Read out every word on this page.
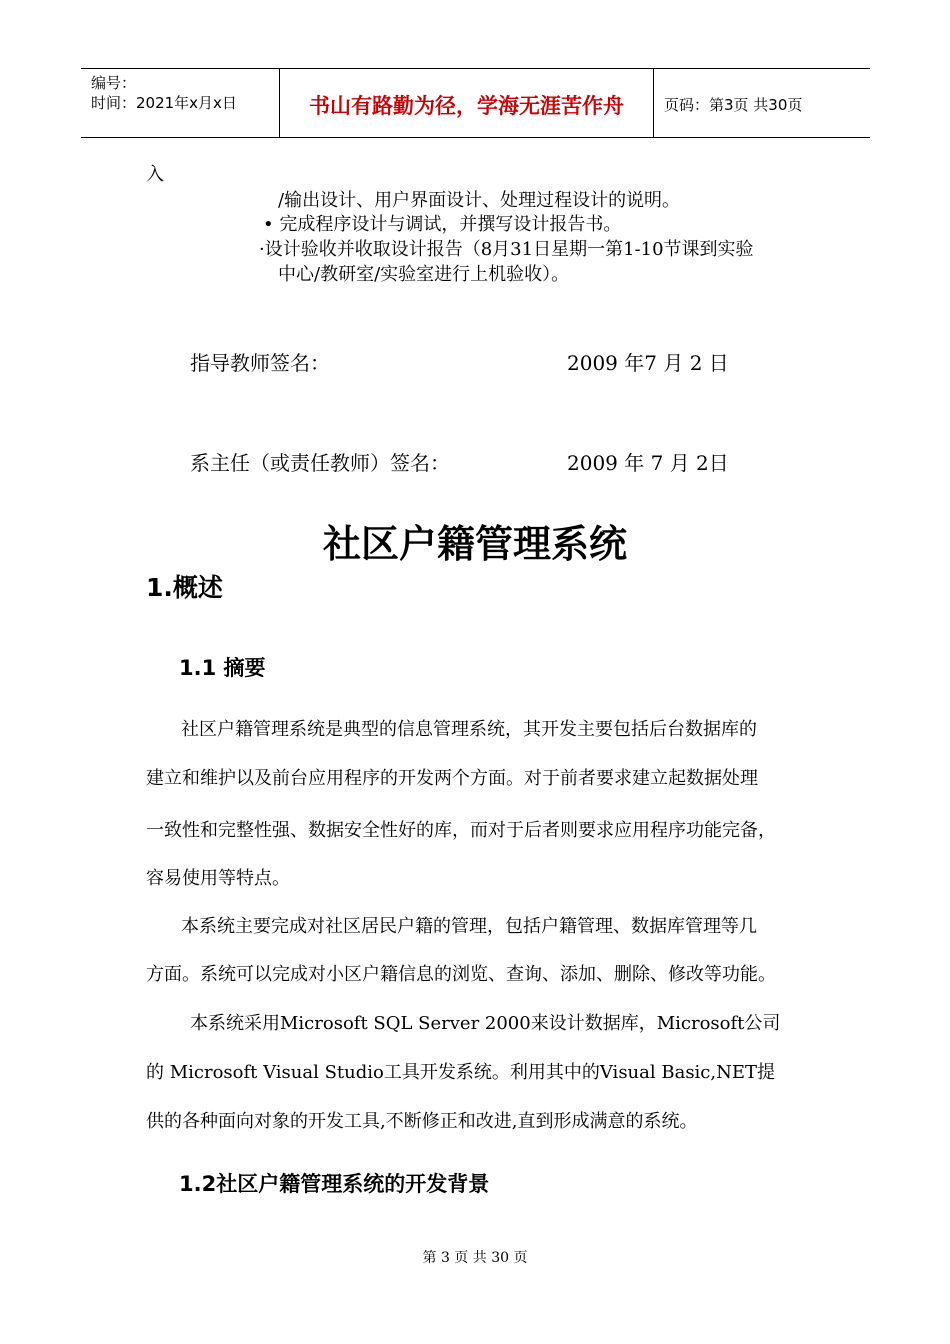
编号：
时间：2021年x月x日	书山有路勤为径，学海无涯苦作舟	页码：第3页 共30页
入
/输出设计、用户界面设计、处理过程设计的说明。
• 完成程序设计与调试，并撰写设计报告书。
·设计验收并收取设计报告（8月31日星期一第1-10节课到实验
中心/教研室/实验室进行上机验收）。
指导教师签名：	2009 年7 月 2 日
系主任（或责任教师）签名：	2009 年 7 月 2日
社区户籍管理系统
1.概述
1.1 摘要
社区户籍管理系统是典型的信息管理系统，其开发主要包括后台数据库的
建立和维护以及前台应用程序的开发两个方面。对于前者要求建立起数据处理
一致性和完整性强、数据安全性好的库，而对于后者则要求应用程序功能完备，
容易使用等特点。
本系统主要完成对社区居民户籍的管理，包括户籍管理、数据库管理等几
方面。系统可以完成对小区户籍信息的浏览、查询、添加、删除、修改等功能。
本系统采用Microsoft SQL Server 2000来设计数据库，Microsoft公司
的 Microsoft Visual Studio工具开发系统。利用其中的Visual Basic,NET提
供的各种面向对象的开发工具,不断修正和改进,直到形成满意的系统。
1.2社区户籍管理系统的开发背景
第 3 页 共 30 页
